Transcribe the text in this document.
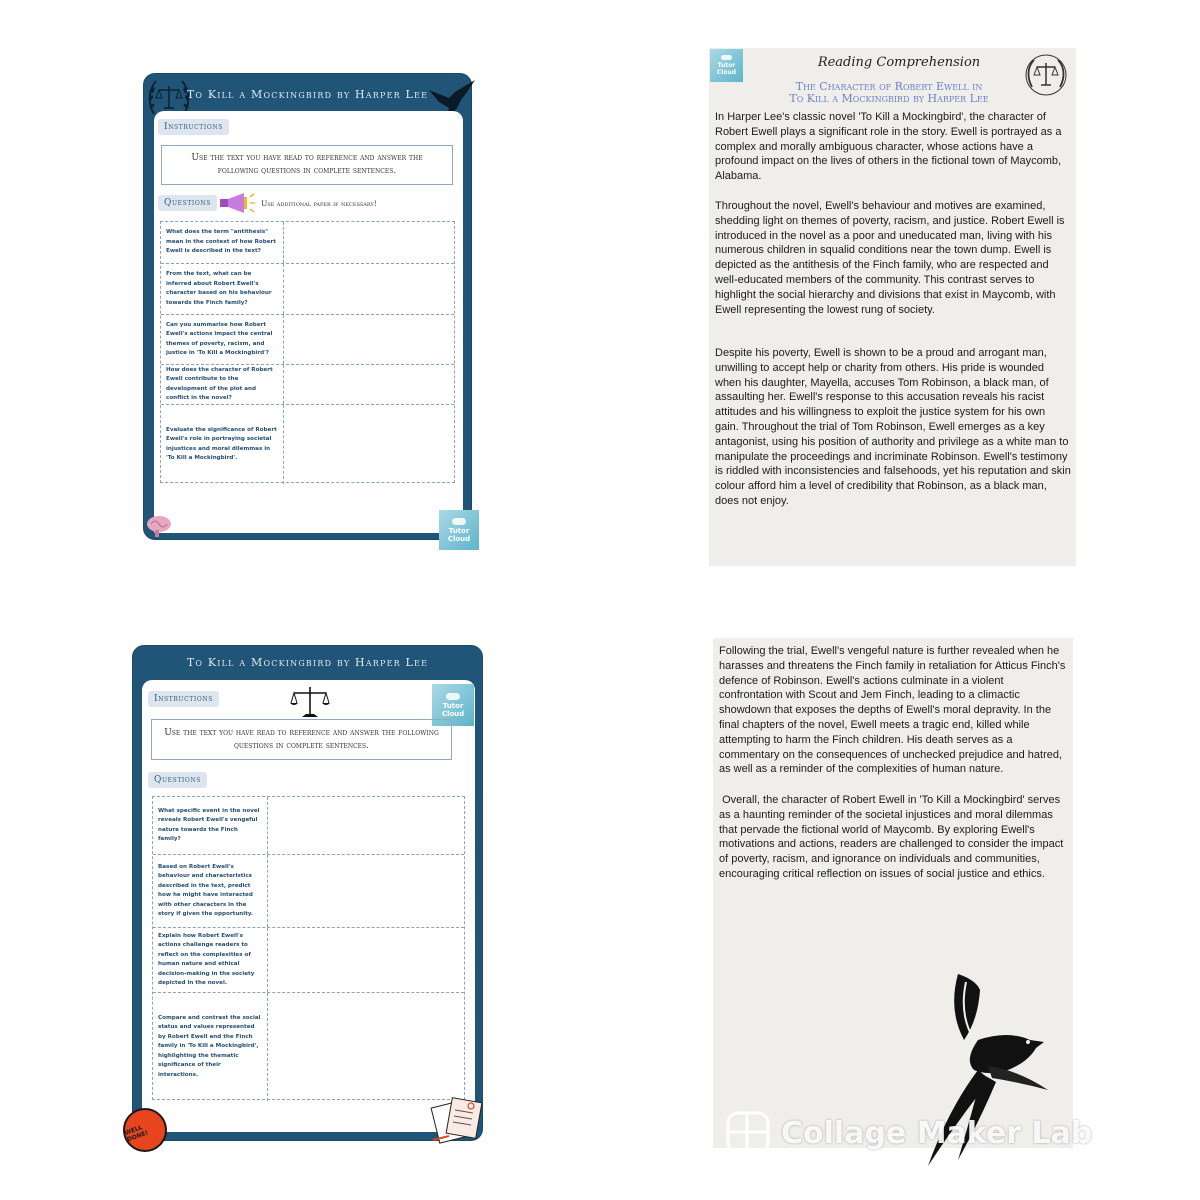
To Kill a Mockingbird by Harper Lee
Instructions
Use the text you have read to reference and answer the following questions in complete sentences.
Questions	Use additional paper if necessary!
What does the term "antithesis" mean in the context of how Robert Ewell is described in the text?
From the text, what can be inferred about Robert Ewell's character based on his behaviour towards the Finch family?
Can you summarise how Robert Ewell's actions impact the central themes of poverty, racism, and justice in 'To Kill a Mockingbird'?
How does the character of Robert Ewell contribute to the development of the plot and conflict in the novel?
Evaluate the significance of Robert Ewell's role in portraying societal injustices and moral dilemmas in 'To Kill a Mockingbird'.
Tutor
Cloud
Tutor
Cloud
Reading Comprehension
The Character of Robert Ewell in
To Kill a Mockingbird by Harper Lee
In Harper Lee's classic novel 'To Kill a Mockingbird', the character of Robert Ewell plays a significant role in the story. Ewell is portrayed as a complex and morally ambiguous character, whose actions have a profound impact on the lives of others in the fictional town of Maycomb, Alabama.
Throughout the novel, Ewell's behaviour and motives are examined, shedding light on themes of poverty, racism, and justice. Robert Ewell is introduced in the novel as a poor and uneducated man, living with his numerous children in squalid conditions near the town dump. Ewell is depicted as the antithesis of the Finch family, who are respected and well-educated members of the community. This contrast serves to highlight the social hierarchy and divisions that exist in Maycomb, with Ewell representing the lowest rung of society.
Despite his poverty, Ewell is shown to be a proud and arrogant man, unwilling to accept help or charity from others. His pride is wounded when his daughter, Mayella, accuses Tom Robinson, a black man, of assaulting her. Ewell's response to this accusation reveals his racist attitudes and his willingness to exploit the justice system for his own gain. Throughout the trial of Tom Robinson, Ewell emerges as a key antagonist, using his position of authority and privilege as a white man to manipulate the proceedings and incriminate Robinson. Ewell's testimony is riddled with inconsistencies and falsehoods, yet his reputation and skin colour afford him a level of credibility that Robinson, as a black man, does not enjoy.
To Kill a Mockingbird by Harper Lee
Instructions
Tutor
Cloud
Use the text you have read to reference and answer the following questions in complete sentences.
Questions
What specific event in the novel reveals Robert Ewell's vengeful nature towards the Finch family?
Based on Robert Ewell's behaviour and characteristics described in the text, predict how he might have interacted with other characters in the story if given the opportunity.
Explain how Robert Ewell's actions challenge readers to reflect on the complexities of human nature and ethical decision-making in the society depicted in the novel.
Compare and contrast the social status and values represented by Robert Ewell and the Finch family in 'To Kill a Mockingbird', highlighting the thematic significance of their interactions.
WELL DONE!
Following the trial, Ewell's vengeful nature is further revealed when he harasses and threatens the Finch family in retaliation for Atticus Finch's defence of Robinson. Ewell's actions culminate in a violent confrontation with Scout and Jem Finch, leading to a climactic showdown that exposes the depths of Ewell's moral depravity. In the final chapters of the novel, Ewell meets a tragic end, killed while attempting to harm the Finch children. His death serves as a commentary on the consequences of unchecked prejudice and hatred, as well as a reminder of the complexities of human nature.
Overall, the character of Robert Ewell in 'To Kill a Mockingbird' serves as a haunting reminder of the societal injustices and moral dilemmas that pervade the fictional world of Maycomb. By exploring Ewell's motivations and actions, readers are challenged to consider the impact of poverty, racism, and ignorance on individuals and communities, encouraging critical reflection on issues of social justice and ethics.
Collage Maker Lab
